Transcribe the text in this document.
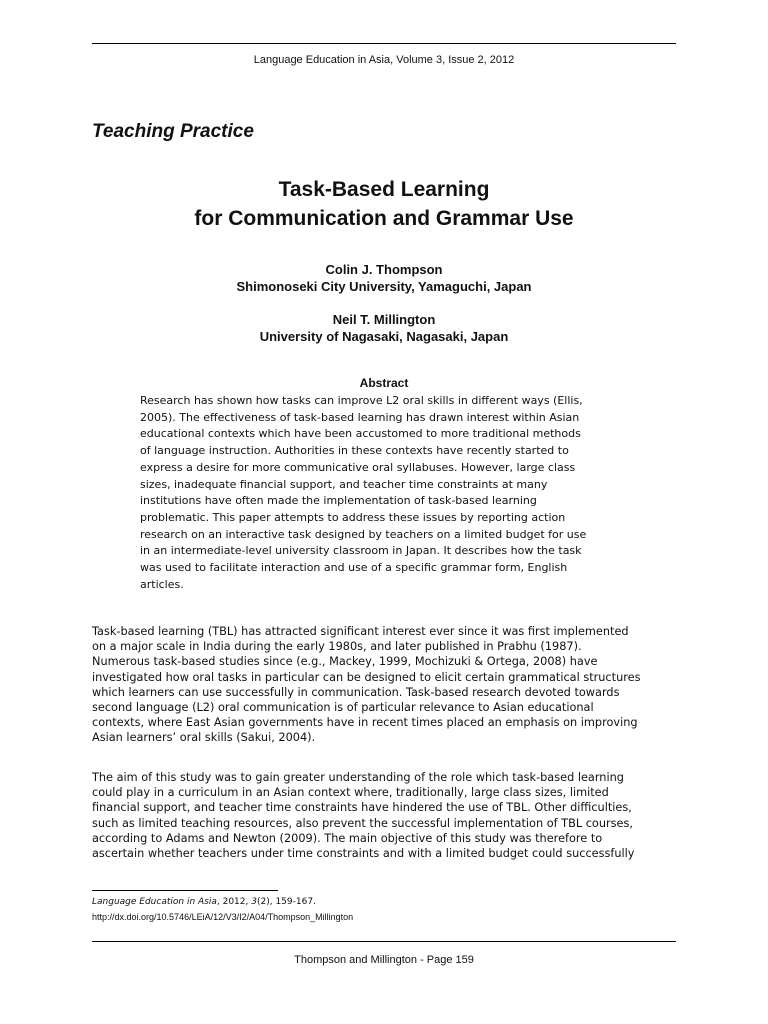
Language Education in Asia, Volume 3, Issue 2, 2012
Teaching Practice
Task-Based Learning
for Communication and Grammar Use
Colin J. Thompson
Shimonoseki City University, Yamaguchi, Japan
Neil T. Millington
University of Nagasaki, Nagasaki, Japan
Abstract
Research has shown how tasks can improve L2 oral skills in different ways (Ellis,
2005). The effectiveness of task-based learning has drawn interest within Asian
educational contexts which have been accustomed to more traditional methods
of language instruction. Authorities in these contexts have recently started to
express a desire for more communicative oral syllabuses. However, large class
sizes, inadequate financial support, and teacher time constraints at many
institutions have often made the implementation of task-based learning
problematic. This paper attempts to address these issues by reporting action
research on an interactive task designed by teachers on a limited budget for use
in an intermediate-level university classroom in Japan. It describes how the task
was used to facilitate interaction and use of a specific grammar form, English
articles.
Task-based learning (TBL) has attracted significant interest ever since it was first implemented
on a major scale in India during the early 1980s, and later published in Prabhu (1987).
Numerous task-based studies since (e.g., Mackey, 1999, Mochizuki & Ortega, 2008) have
investigated how oral tasks in particular can be designed to elicit certain grammatical structures
which learners can use successfully in communication. Task-based research devoted towards
second language (L2) oral communication is of particular relevance to Asian educational
contexts, where East Asian governments have in recent times placed an emphasis on improving
Asian learners’ oral skills (Sakui, 2004).
The aim of this study was to gain greater understanding of the role which task-based learning
could play in a curriculum in an Asian context where, traditionally, large class sizes, limited
financial support, and teacher time constraints have hindered the use of TBL. Other difficulties,
such as limited teaching resources, also prevent the successful implementation of TBL courses,
according to Adams and Newton (2009). The main objective of this study was therefore to
ascertain whether teachers under time constraints and with a limited budget could successfully
Language Education in Asia, 2012, 3(2), 159-167.
http://dx.doi.org/10.5746/LEiA/12/V3/I2/A04/Thompson_Millington
Thompson and Millington - Page 159
